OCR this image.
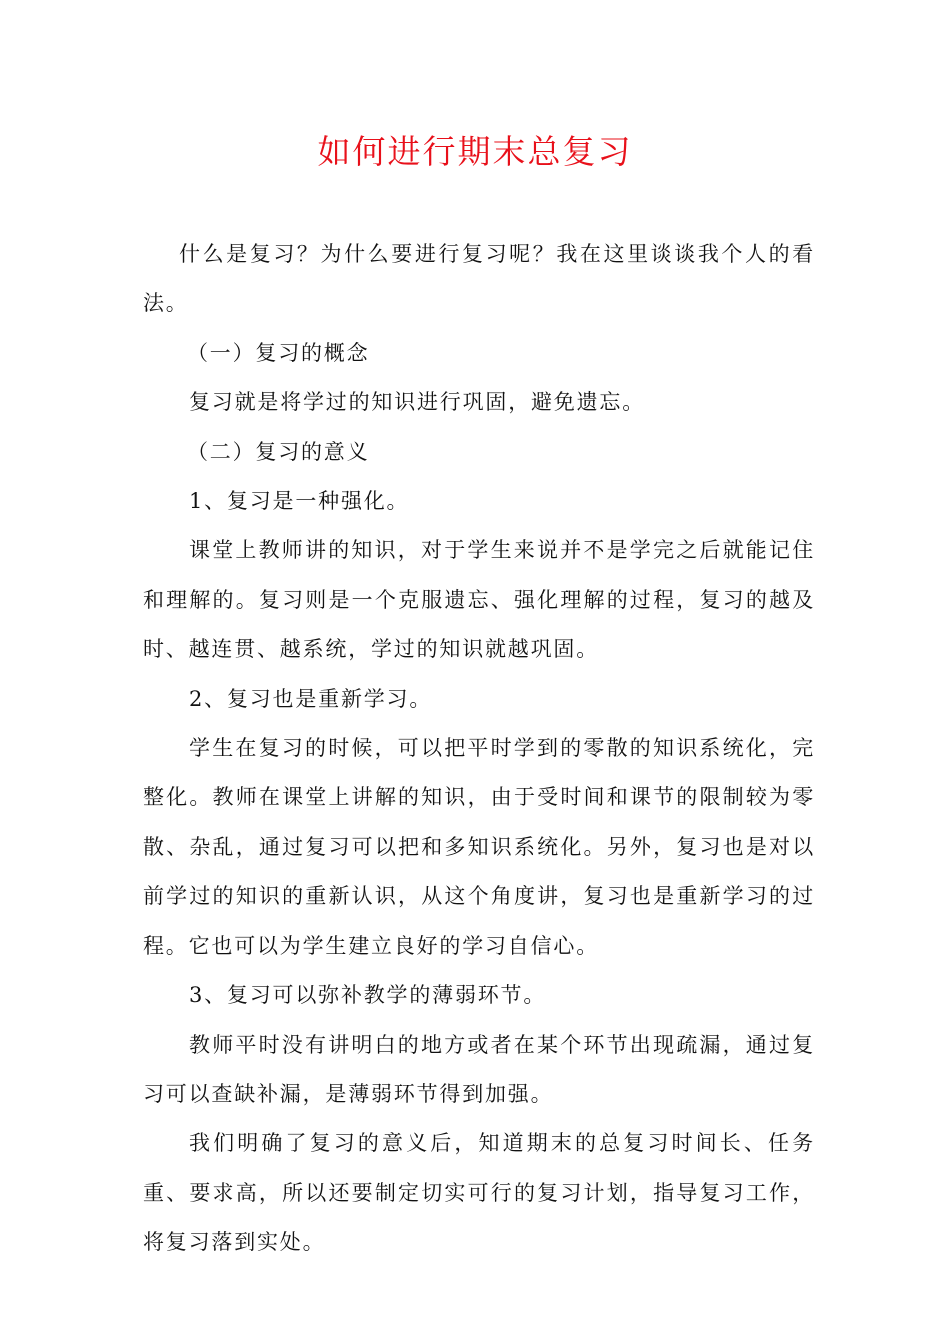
如何进行期末总复习

什么是复习？为什么要进行复习呢？我在这里谈谈我个人的看法。

（一）复习的概念

复习就是将学过的知识进行巩固，避免遗忘。

（二）复习的意义

1、复习是一种强化。

课堂上教师讲的知识，对于学生来说并不是学完之后就能记住和理解的。复习则是一个克服遗忘、强化理解的过程，复习的越及时、越连贯、越系统，学过的知识就越巩固。

2、复习也是重新学习。

学生在复习的时候，可以把平时学到的零散的知识系统化，完整化。教师在课堂上讲解的知识，由于受时间和课节的限制较为零散、杂乱，通过复习可以把和多知识系统化。另外，复习也是对以前学过的知识的重新认识，从这个角度讲，复习也是重新学习的过程。它也可以为学生建立良好的学习自信心。

3、复习可以弥补教学的薄弱环节。

教师平时没有讲明白的地方或者在某个环节出现疏漏，通过复习可以查缺补漏，是薄弱环节得到加强。

我们明确了复习的意义后，知道期末的总复习时间长、任务重、要求高，所以还要制定切实可行的复习计划，指导复习工作，将复习落到实处。
